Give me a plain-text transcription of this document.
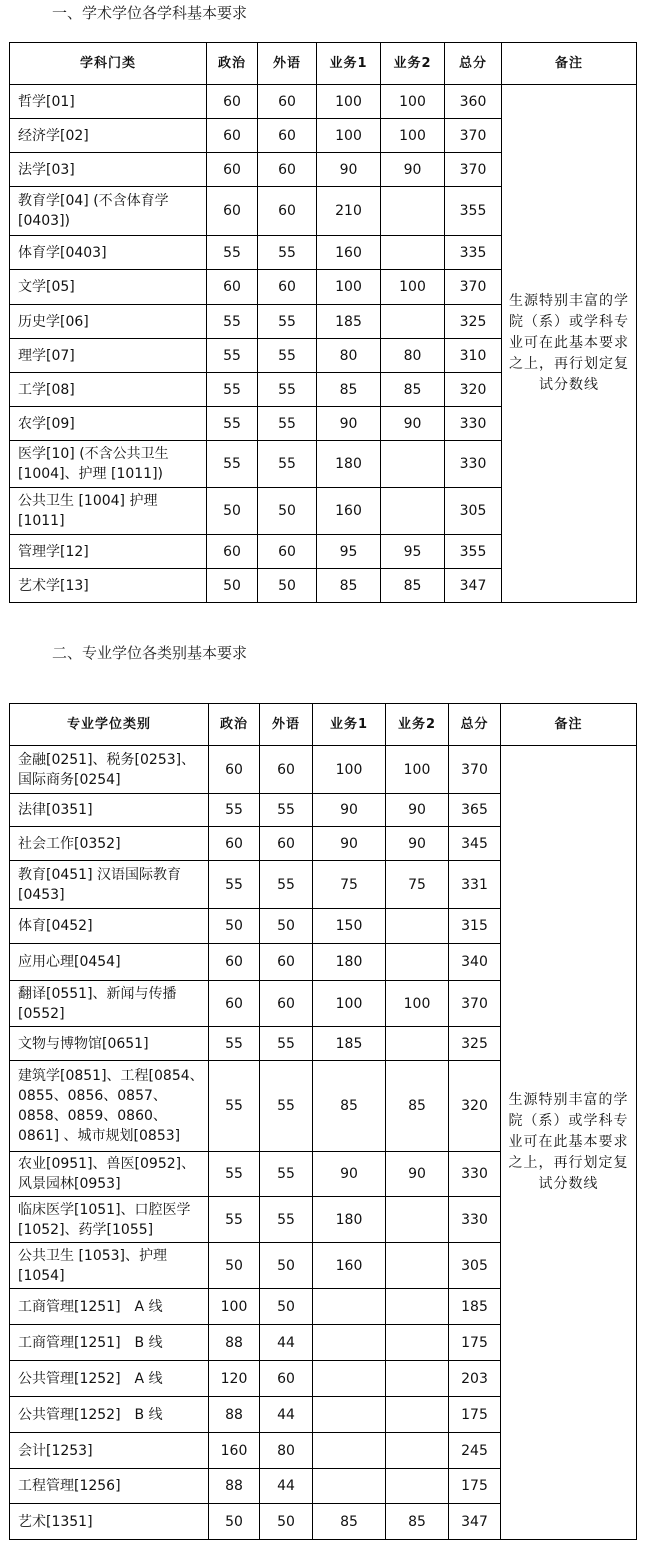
一、学术学位各学科基本要求
学科门类	政治	外语	业务1	业务2	总分	备注
哲学[01]	60	60	100	100	360	生源特别丰富的学院（系）或学科专业可在此基本要求之上，再行划定复试分数线
经济学[02]	60	60	100	100	370	
法学[03]	60	60	90	90	370	
教育学[04] (不含体育学[0403])	60	60	210		355	
体育学[0403]	55	55	160		335	
文学[05]	60	60	100	100	370	
历史学[06]	55	55	185		325	
理学[07]	55	55	80	80	310	
工学[08]	55	55	85	85	320	
农学[09]	55	55	90	90	330	
医学[10] (不含公共卫生[1004]、护理 [1011])	55	55	180		330	
公共卫生 [1004] 护理 [1011]	50	50	160		305	
管理学[12]	60	60	95	95	355	
艺术学[13]	50	50	85	85	347	
二、专业学位各类别基本要求
专业学位类别	政治	外语	业务1	业务2	总分	备注
金融[0251]、税务[0253]、国际商务[0254]	60	60	100	100	370	生源特别丰富的学院（系）或学科专业可在此基本要求之上，再行划定复试分数线
法律[0351]	55	55	90	90	365	
社会工作[0352]	60	60	90	90	345	
教育[0451] 汉语国际教育[0453]	55	55	75	75	331	
体育[0452]	50	50	150		315	
应用心理[0454]	60	60	180		340	
翻译[0551]、新闻与传播[0552]	60	60	100	100	370	
文物与博物馆[0651]	55	55	185		325	
建筑学[0851]、工程[0854、0855、0856、0857、0858、0859、0860、0861] 、城市规划[0853]	55	55	85	85	320	
农业[0951]、兽医[0952]、风景园林[0953]	55	55	90	90	330	
临床医学[1051]、口腔医学[1052]、药学[1055]	55	55	180		330	
公共卫生 [1053]、护理[1054]	50	50	160		305	
工商管理[1251]　A 线	100	50			185	
工商管理[1251]　B 线	88	44			175	
公共管理[1252]　A 线	120	60			203	
公共管理[1252]　B 线	88	44			175	
会计[1253]	160	80			245	
工程管理[1256]	88	44			175	
艺术[1351]	50	50	85	85	347	
